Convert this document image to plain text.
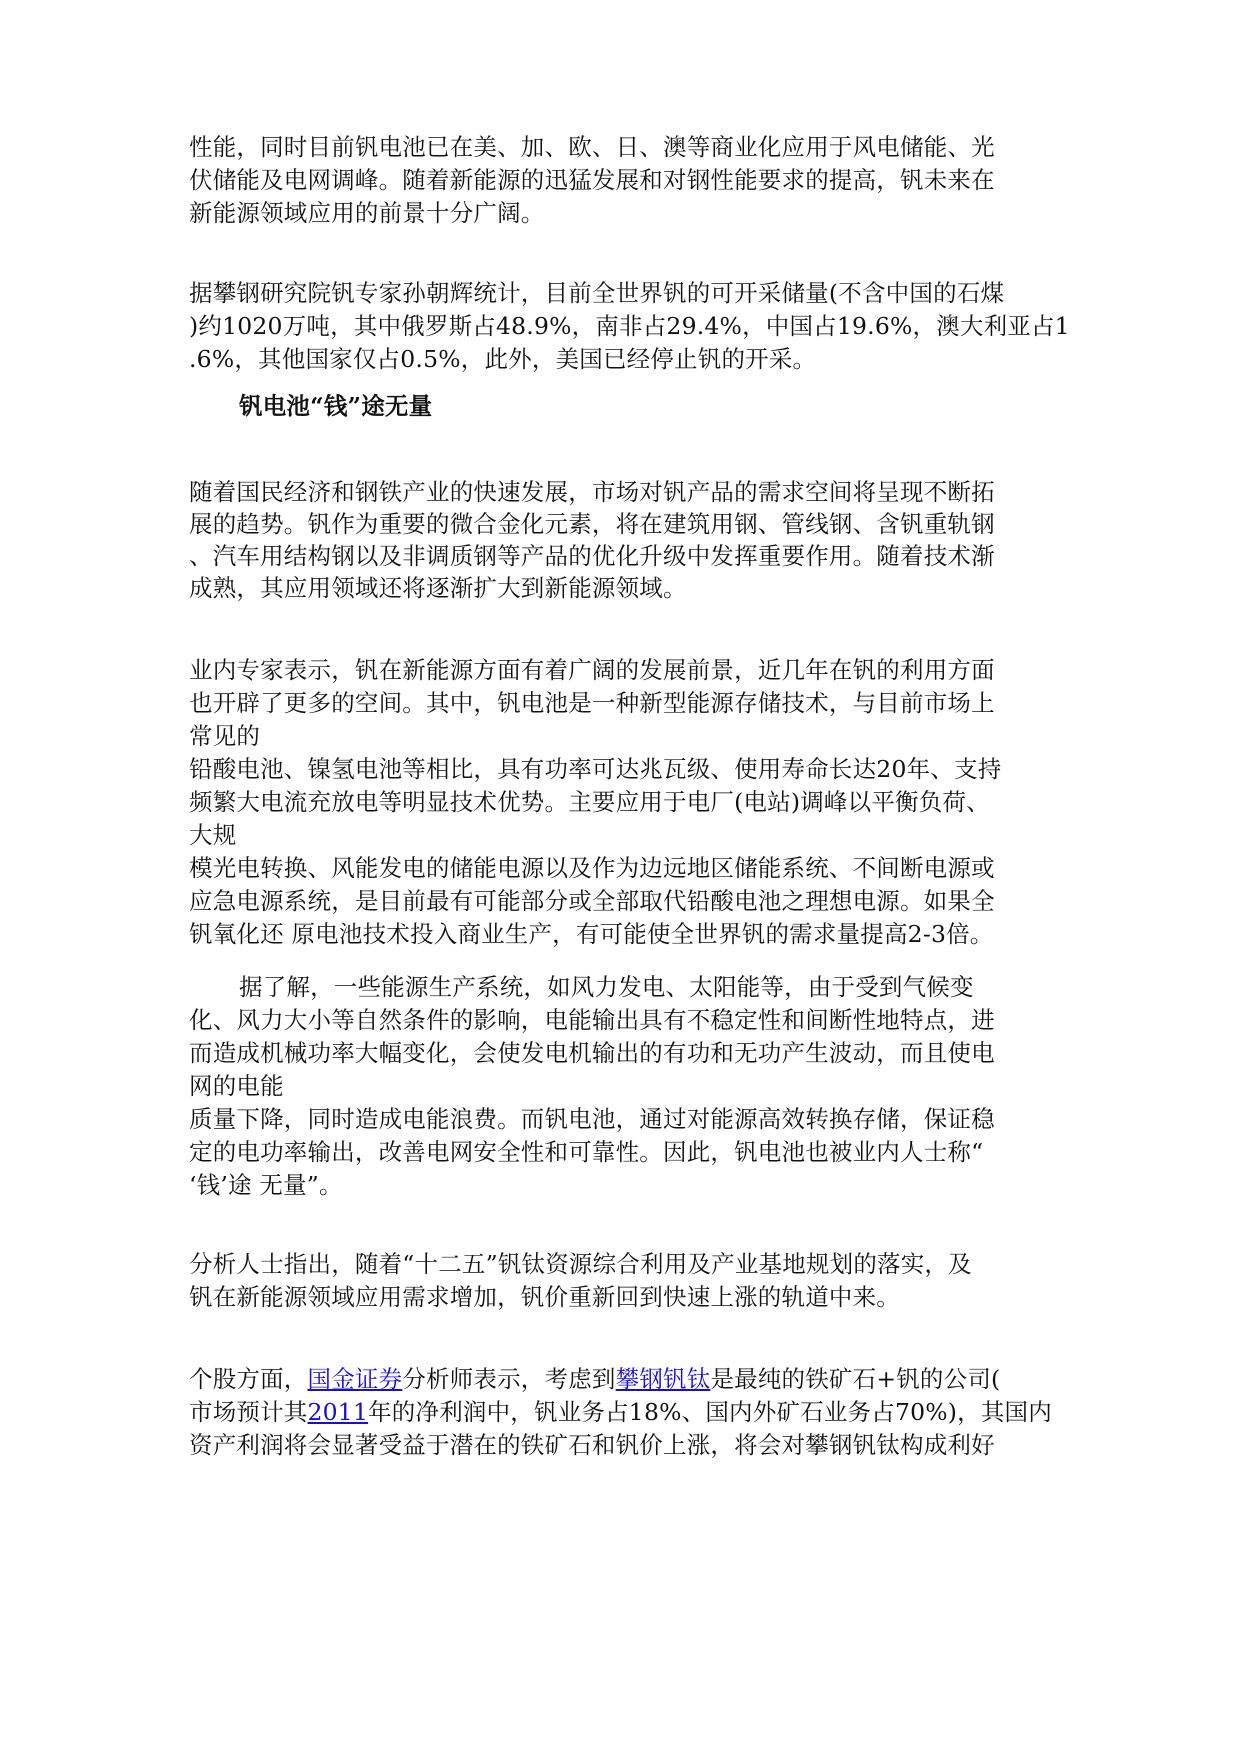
性能，同时目前钒电池已在美、加、欧、日、澳等商业化应用于风电储能、光
伏储能及电网调峰。随着新能源的迅猛发展和对钢性能要求的提高，钒未来在
新能源领域应用的前景十分广阔。
据攀钢研究院钒专家孙朝辉统计，目前全世界钒的可开采储量(不含中国的石煤
)约1020万吨，其中俄罗斯占48.9%，南非占29.4%，中国占19.6%，澳大利亚占1
.6%，其他国家仅占0.5%，此外，美国已经停止钒的开采。
钒电池“钱”途无量
随着国民经济和钢铁产业的快速发展，市场对钒产品的需求空间将呈现不断拓
展的趋势。钒作为重要的微合金化元素，将在建筑用钢、管线钢、含钒重轨钢
、汽车用结构钢以及非调质钢等产品的优化升级中发挥重要作用。随着技术渐
成熟，其应用领域还将逐渐扩大到新能源领域。
业内专家表示，钒在新能源方面有着广阔的发展前景，近几年在钒的利用方面
也开辟了更多的空间。其中，钒电池是一种新型能源存储技术，与目前市场上
常见的
铅酸电池、镍氢电池等相比，具有功率可达兆瓦级、使用寿命长达20年、支持
频繁大电流充放电等明显技术优势。主要应用于电厂(电站)调峰以平衡负荷、
大规
模光电转换、风能发电的储能电源以及作为边远地区储能系统、不间断电源或
应急电源系统，是目前最有可能部分或全部取代铅酸电池之理想电源。如果全
钒氧化还 原电池技术投入商业生产，有可能使全世界钒的需求量提高2-3倍。
据了解，一些能源生产系统，如风力发电、太阳能等，由于受到气候变
化、风力大小等自然条件的影响，电能输出具有不稳定性和间断性地特点，进
而造成机械功率大幅变化，会使发电机输出的有功和无功产生波动，而且使电
网的电能
质量下降，同时造成电能浪费。而钒电池，通过对能源高效转换存储，保证稳
定的电功率输出，改善电网安全性和可靠性。因此，钒电池也被业内人士称“
‘钱’途 无量”。
分析人士指出，随着“十二五”钒钛资源综合利用及产业基地规划的落实，及
钒在新能源领域应用需求增加，钒价重新回到快速上涨的轨道中来。
个股方面，国金证券分析师表示，考虑到攀钢钒钛是最纯的铁矿石+钒的公司(
市场预计其2011年的净利润中，钒业务占18%、国内外矿石业务占70%)，其国内
资产利润将会显著受益于潜在的铁矿石和钒价上涨，将会对攀钢钒钛构成利好
